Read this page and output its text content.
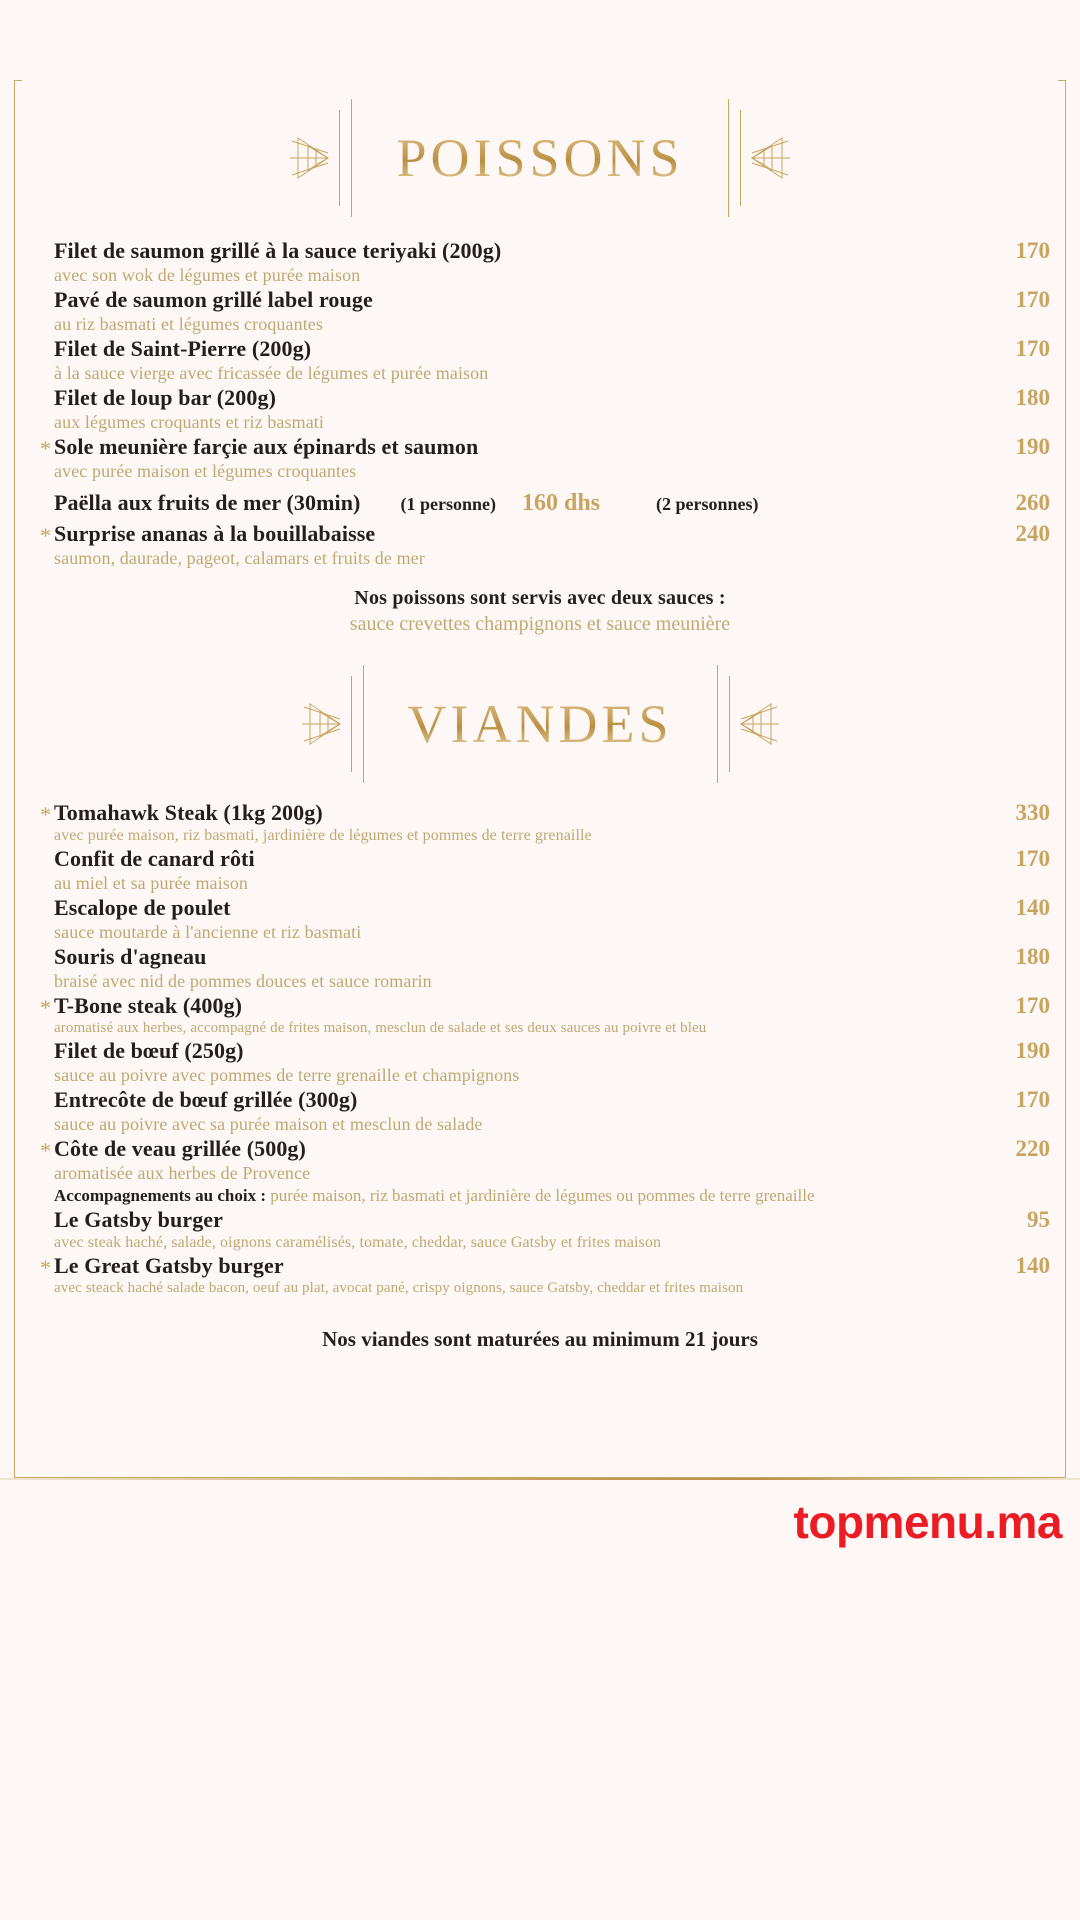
POISSONS
Filet de saumon grillé à la sauce teriyaki (200g)	170
avec son wok de légumes et purée maison
Pavé de saumon grillé label rouge	170
au riz basmati et légumes croquantes
Filet de Saint-Pierre (200g)	170
à la sauce vierge avec fricassée de légumes et purée maison
Filet de loup bar (200g)	180
aux légumes croquants et riz basmati
* Sole meunière farçie aux épinards et saumon	190
avec purée maison et légumes croquantes
Paëlla aux fruits de mer (30min) (1 personne) 160 dhs	(2 personnes)	260
* Surprise ananas à la bouillabaisse	240
saumon, daurade, pageot, calamars et fruits de mer
Nos poissons sont servis avec deux sauces :
sauce crevettes champignons et sauce meunière
VIANDES
* Tomahawk Steak (1kg 200g)	330
avec purée maison, riz basmati, jardinière de légumes et pommes de terre grenaille
Confit de canard rôti	170
au miel et sa purée maison
Escalope de poulet	140
sauce moutarde à l'ancienne et riz basmati
Souris d'agneau	180
braisé avec nid de pommes douces et sauce romarin
* T-Bone steak (400g)	170
aromatisé aux herbes, accompagné de frites maison, mesclun de salade et ses deux sauces au poivre et bleu
Filet de bœuf (250g)	190
sauce au poivre avec pommes de terre grenaille et champignons
Entrecôte de bœuf grillée (300g)	170
sauce au poivre avec sa purée maison et mesclun de salade
* Côte de veau grillée (500g)	220
aromatisée aux herbes de Provence
Accompagnements au choix : purée maison, riz basmati et jardinière de légumes ou pommes de terre grenaille
Le Gatsby burger	95
avec steak haché, salade, oignons caramélisés, tomate, cheddar, sauce Gatsby et frites maison
* Le Great Gatsby burger	140
avec steack haché salade bacon, oeuf au plat, avocat pané, crispy oignons, sauce Gatsby, cheddar et frites maison
Nos viandes sont maturées au minimum 21 jours
topmenu.ma
